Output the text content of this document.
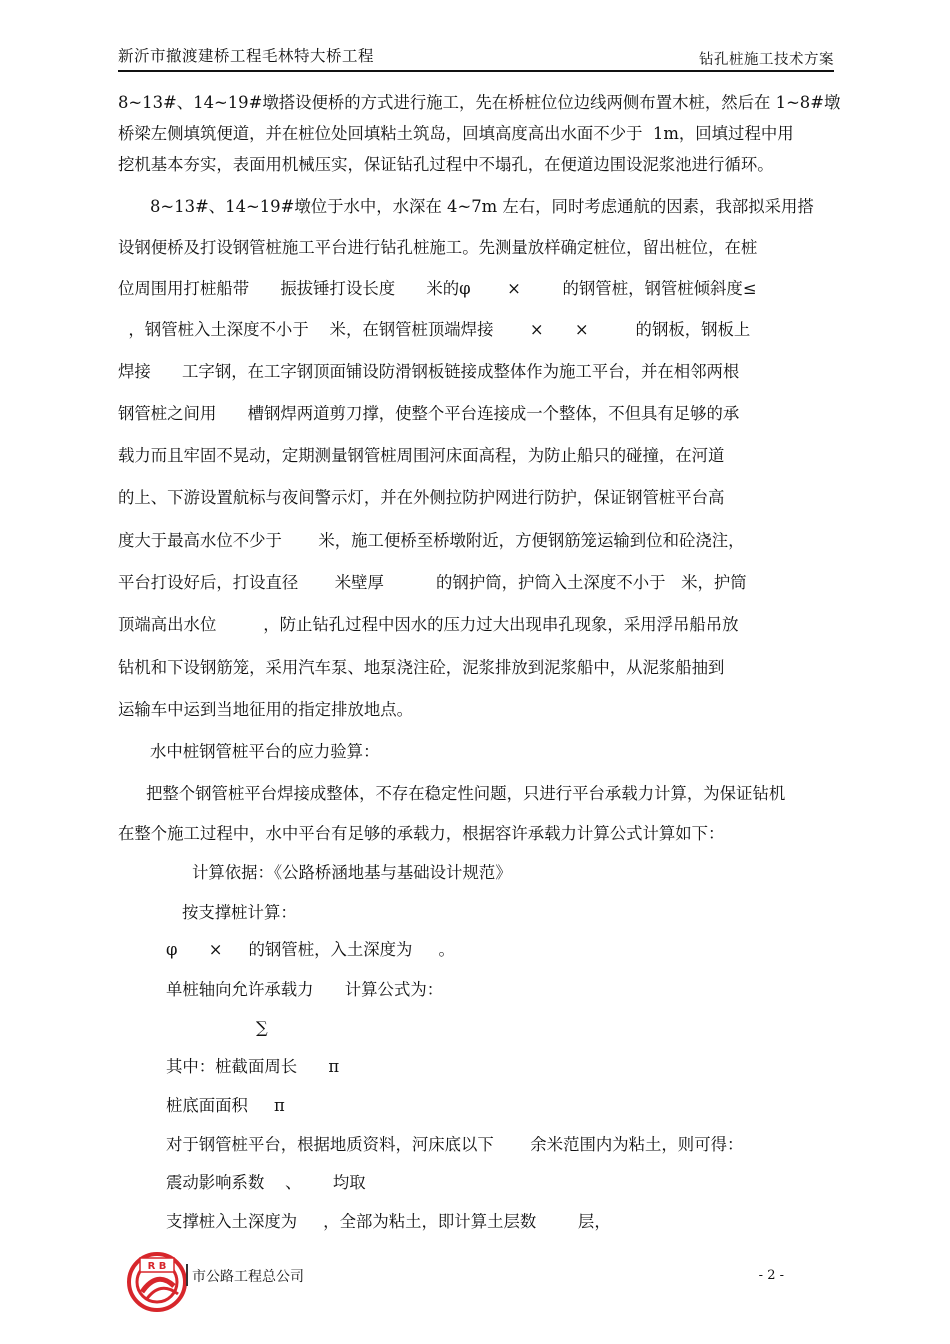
新沂市撤渡建桥工程毛林特大桥工程	钻孔桩施工技术方案
8~13#、14~19#墩搭设便桥的方式进行施工，先在桥桩位位边线两侧布置木桩，然后在 1~8#墩
桥梁左侧填筑便道，并在桩位处回填粘土筑岛，回填高度高出水面不少于  1m，回填过程中用
挖机基本夯实，表面用机械压实，保证钻孔过程中不塌孔，在便道边围设泥浆池进行循环。
8~13#、14~19#墩位于水中，水深在 4~7m 左右，同时考虑通航的因素，我部拟采用搭
设钢便桥及打设钢管桩施工平台进行钻孔桩施工。先测量放样确定桩位，留出桩位，在桩
位周围用打桩船带      振拔锤打设长度      米的φ       ×        的钢管桩，钢管桩倾斜度≤
，钢管桩入土深度不小于    米，在钢管桩顶端焊接       ×      ×         的钢板，钢板上
焊接      工字钢，在工字钢顶面铺设防滑钢板链接成整体作为施工平台，并在相邻两根
钢管桩之间用      槽钢焊两道剪刀撑，使整个平台连接成一个整体，不但具有足够的承
载力而且牢固不晃动，定期测量钢管桩周围河床面高程，为防止船只的碰撞，在河道
的上、下游设置航标与夜间警示灯，并在外侧拉防护网进行防护，保证钢管桩平台高
度大于最高水位不少于       米，施工便桥至桥墩附近，方便钢筋笼运输到位和砼浇注，
平台打设好后，打设直径       米壁厚          的钢护筒，护筒入土深度不小于   米，护筒
顶端高出水位         ，防止钻孔过程中因水的压力过大出现串孔现象，采用浮吊船吊放
钻机和下设钢筋笼，采用汽车泵、地泵浇注砼，泥浆排放到泥浆船中，从泥浆船抽到
运输车中运到当地征用的指定排放地点。
水中桩钢管桩平台的应力验算：
把整个钢管桩平台焊接成整体，不存在稳定性问题，只进行平台承载力计算，为保证钻机
在整个施工过程中，水中平台有足够的承载力，根据容许承载力计算公式计算如下：
计算依据：《公路桥涵地基与基础设计规范》
按支撑桩计算：
φ      ×     的钢管桩，入土深度为     。
单桩轴向允许承载力      计算公式为：
∑
其中：桩截面周长      π
桩底面面积     π
对于钢管桩平台，根据地质资料，河床底以下       余米范围内为粘土，则可得：
震动影响系数    、      均取
支撑桩入土深度为     ，全部为粘土，即计算土层数        层，
R B
市公路工程总公司	- 2 -
